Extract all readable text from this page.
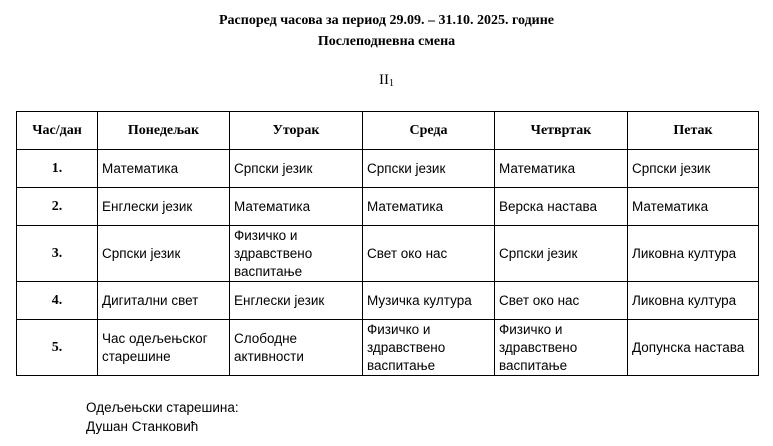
Распоред часова за период 29.09. – 31.10. 2025. године
Послеподневна смена
$II_1$
Час/дан	Понедељак	Уторак	Среда	Четвртак	Петак
1.	Математика	Српски језик	Српски језик	Математика	Српски језик
2.	Енглески језик	Математика	Математика	Верска настава	Математика
3.	Српски језик	Физичко и здравствено васпитање	Свет око нас	Српски језик	Ликовна култура
4.	Дигитални свет	Енглески језик	Музичка култура	Свет око нас	Ликовна култура
5.	Час одељењског старешине	Слободне активности	Физичко и здравствено васпитање	Физичко и здравствено васпитање	Допунска настава
Одељењски старешина:
Душан Станковић
